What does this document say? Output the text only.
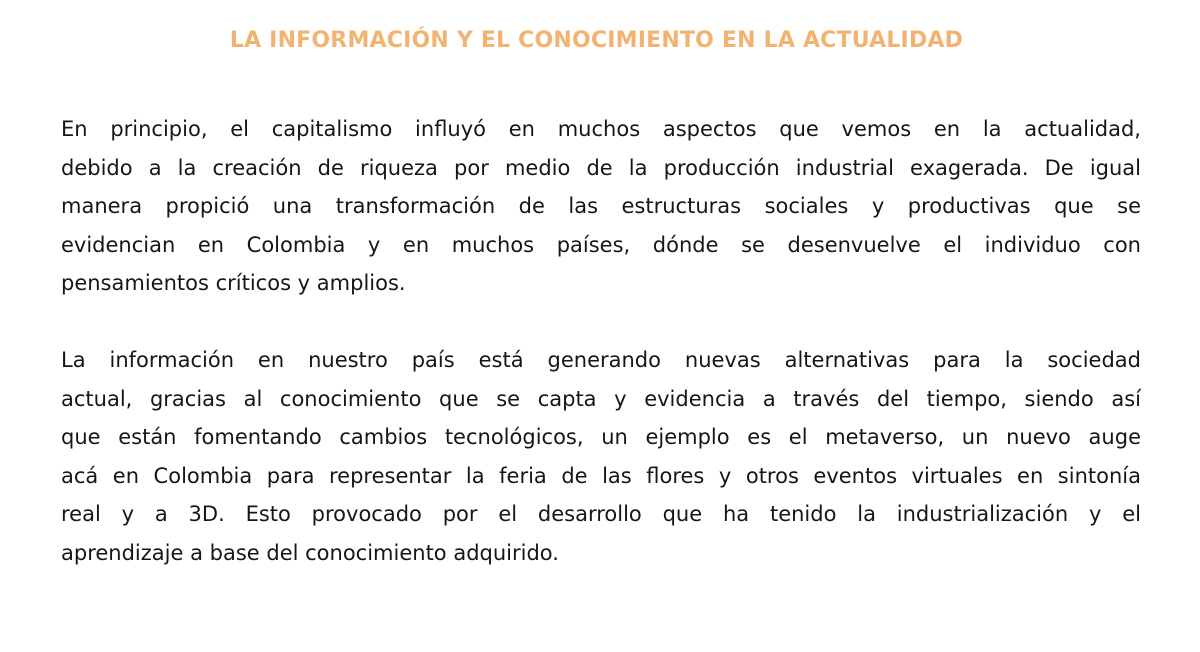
LA INFORMACIÓN Y EL CONOCIMIENTO EN LA ACTUALIDAD

En principio, el capitalismo influyó en muchos aspectos que vemos en la actualidad,
debido a la creación de riqueza por medio de la producción industrial exagerada. De igual
manera propició una transformación de las estructuras sociales y productivas que se
evidencian en Colombia y en muchos países, dónde se desenvuelve el individuo con
pensamientos críticos y amplios.

La información en nuestro país está generando nuevas alternativas para la sociedad
actual, gracias al conocimiento que se capta y evidencia a través del tiempo, siendo así
que están fomentando cambios tecnológicos, un ejemplo es el metaverso, un nuevo auge
acá en Colombia para representar la feria de las flores y otros eventos virtuales en sintonía
real y a 3D. Esto provocado por el desarrollo que ha tenido la industrialización y el
aprendizaje a base del conocimiento adquirido.
